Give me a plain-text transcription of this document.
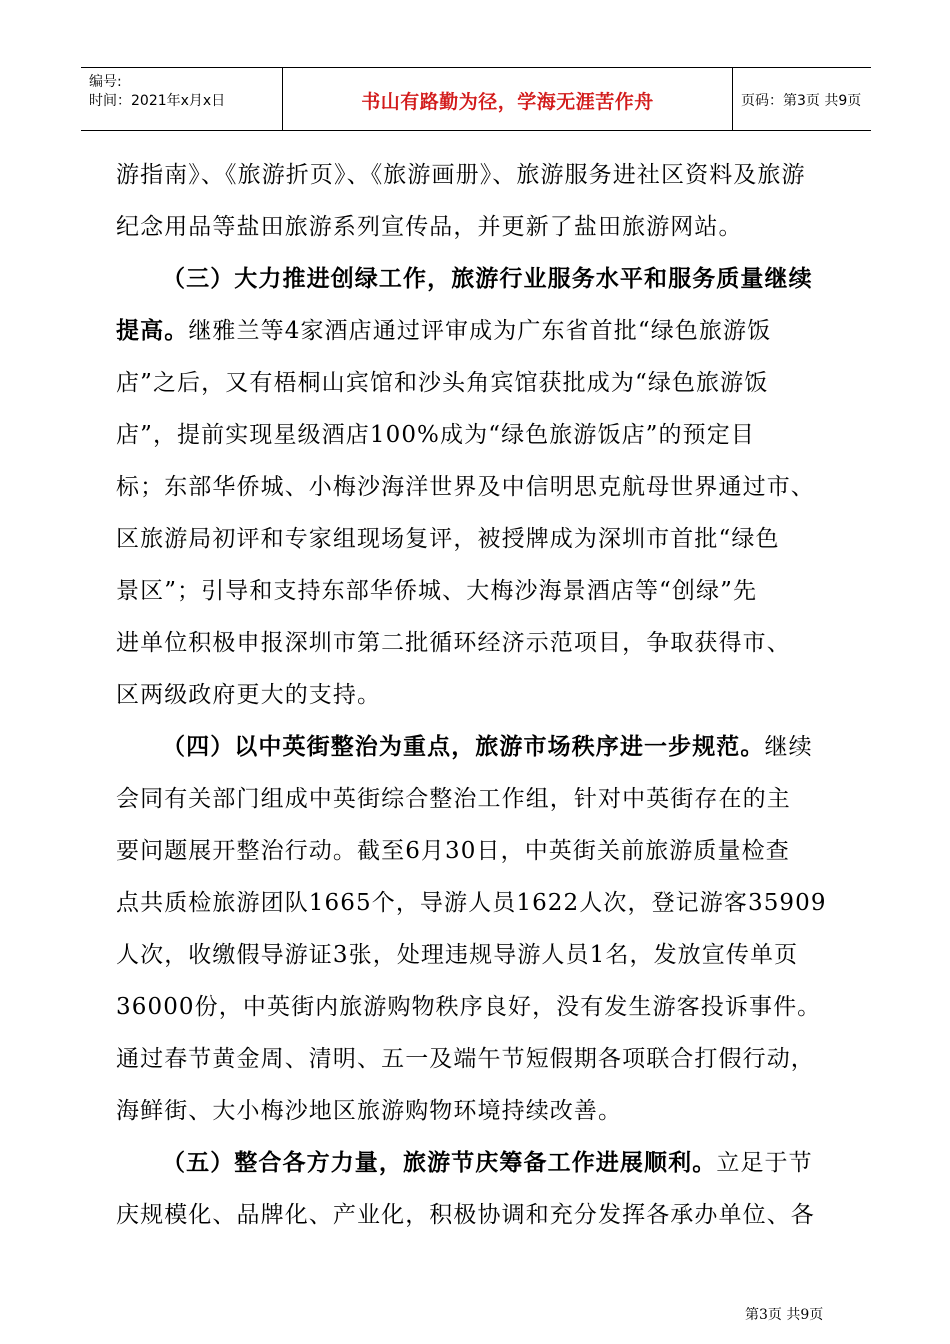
编号:
时间：2021年x月x日	书山有路勤为径，学海无涯苦作舟	页码：第3页 共9页
游指南》、《旅游折页》、《旅游画册》、旅游服务进社区资料及旅游
纪念用品等盐田旅游系列宣传品，并更新了盐田旅游网站。
（三）大力推进创绿工作，旅游行业服务水平和服务质量继续
提高。继雅兰等4家酒店通过评审成为广东省首批“绿色旅游饭
店”之后，又有梧桐山宾馆和沙头角宾馆获批成为“绿色旅游饭
店”，提前实现星级酒店100%成为“绿色旅游饭店”的预定目
标；东部华侨城、小梅沙海洋世界及中信明思克航母世界通过市、
区旅游局初评和专家组现场复评，被授牌成为深圳市首批“绿色
景区”；引导和支持东部华侨城、大梅沙海景酒店等“创绿”先
进单位积极申报深圳市第二批循环经济示范项目，争取获得市、
区两级政府更大的支持。
（四）以中英街整治为重点，旅游市场秩序进一步规范。继续
会同有关部门组成中英街综合整治工作组，针对中英街存在的主
要问题展开整治行动。截至6月30日，中英街关前旅游质量检查
点共质检旅游团队1665个，导游人员1622人次，登记游客35909
人次，收缴假导游证3张，处理违规导游人员1名，发放宣传单页
36000份，中英街内旅游购物秩序良好，没有发生游客投诉事件。
通过春节黄金周、清明、五一及端午节短假期各项联合打假行动，
海鲜街、大小梅沙地区旅游购物环境持续改善。
（五）整合各方力量，旅游节庆筹备工作进展顺利。立足于节
庆规模化、品牌化、产业化，积极协调和充分发挥各承办单位、各
第3页 共9页
